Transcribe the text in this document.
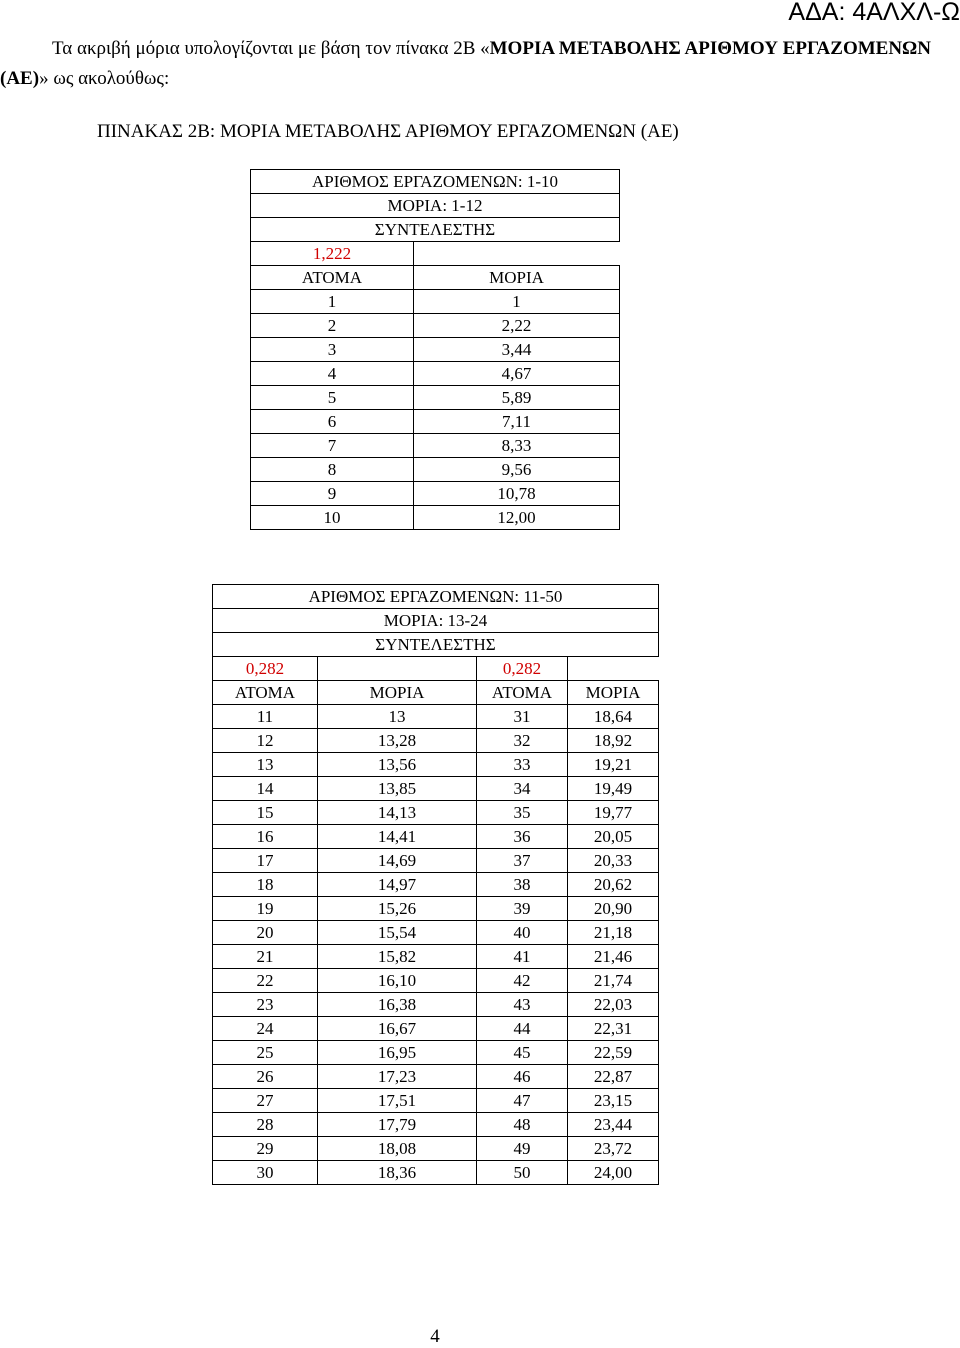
ΑΔΑ: 4ΑΛΧΛ-Ω
Τα ακριβή μόρια υπολογίζονται με βάση τον πίνακα 2Β «ΜΟΡΙΑ ΜΕΤΑΒΟΛΗΣ ΑΡΙΘΜΟΥ ΕΡΓΑΖΟΜΕΝΩΝ (ΑΕ)» ως ακολούθως:
ΠΙΝΑΚΑΣ 2Β: ΜΟΡΙΑ ΜΕΤΑΒΟΛΗΣ ΑΡΙΘΜΟΥ ΕΡΓΑΖΟΜΕΝΩΝ (ΑΕ)
ΑΡΙΘΜΟΣ ΕΡΓΑΖΟΜΕΝΩΝ: 1-10	
ΜΟΡΙΑ: 1-12	
ΣΥΝΤΕΛΕΣΤΗΣ	
1,222	
ΑΤΟΜΑ	ΜΟΡΙΑ
1	1
2	2,22
3	3,44
4	4,67
5	5,89
6	7,11
7	8,33
8	9,56
9	10,78
10	12,00
ΑΡΙΘΜΟΣ ΕΡΓΑΖΟΜΕΝΩΝ: 11-50			
ΜΟΡΙΑ: 13-24			
ΣΥΝΤΕΛΕΣΤΗΣ			
0,282		0,282	
ΑΤΟΜΑ	ΜΟΡΙΑ	ΑΤΟΜΑ	ΜΟΡΙΑ
11	13	31	18,64
12	13,28	32	18,92
13	13,56	33	19,21
14	13,85	34	19,49
15	14,13	35	19,77
16	14,41	36	20,05
17	14,69	37	20,33
18	14,97	38	20,62
19	15,26	39	20,90
20	15,54	40	21,18
21	15,82	41	21,46
22	16,10	42	21,74
23	16,38	43	22,03
24	16,67	44	22,31
25	16,95	45	22,59
26	17,23	46	22,87
27	17,51	47	23,15
28	17,79	48	23,44
29	18,08	49	23,72
30	18,36	50	24,00
4
